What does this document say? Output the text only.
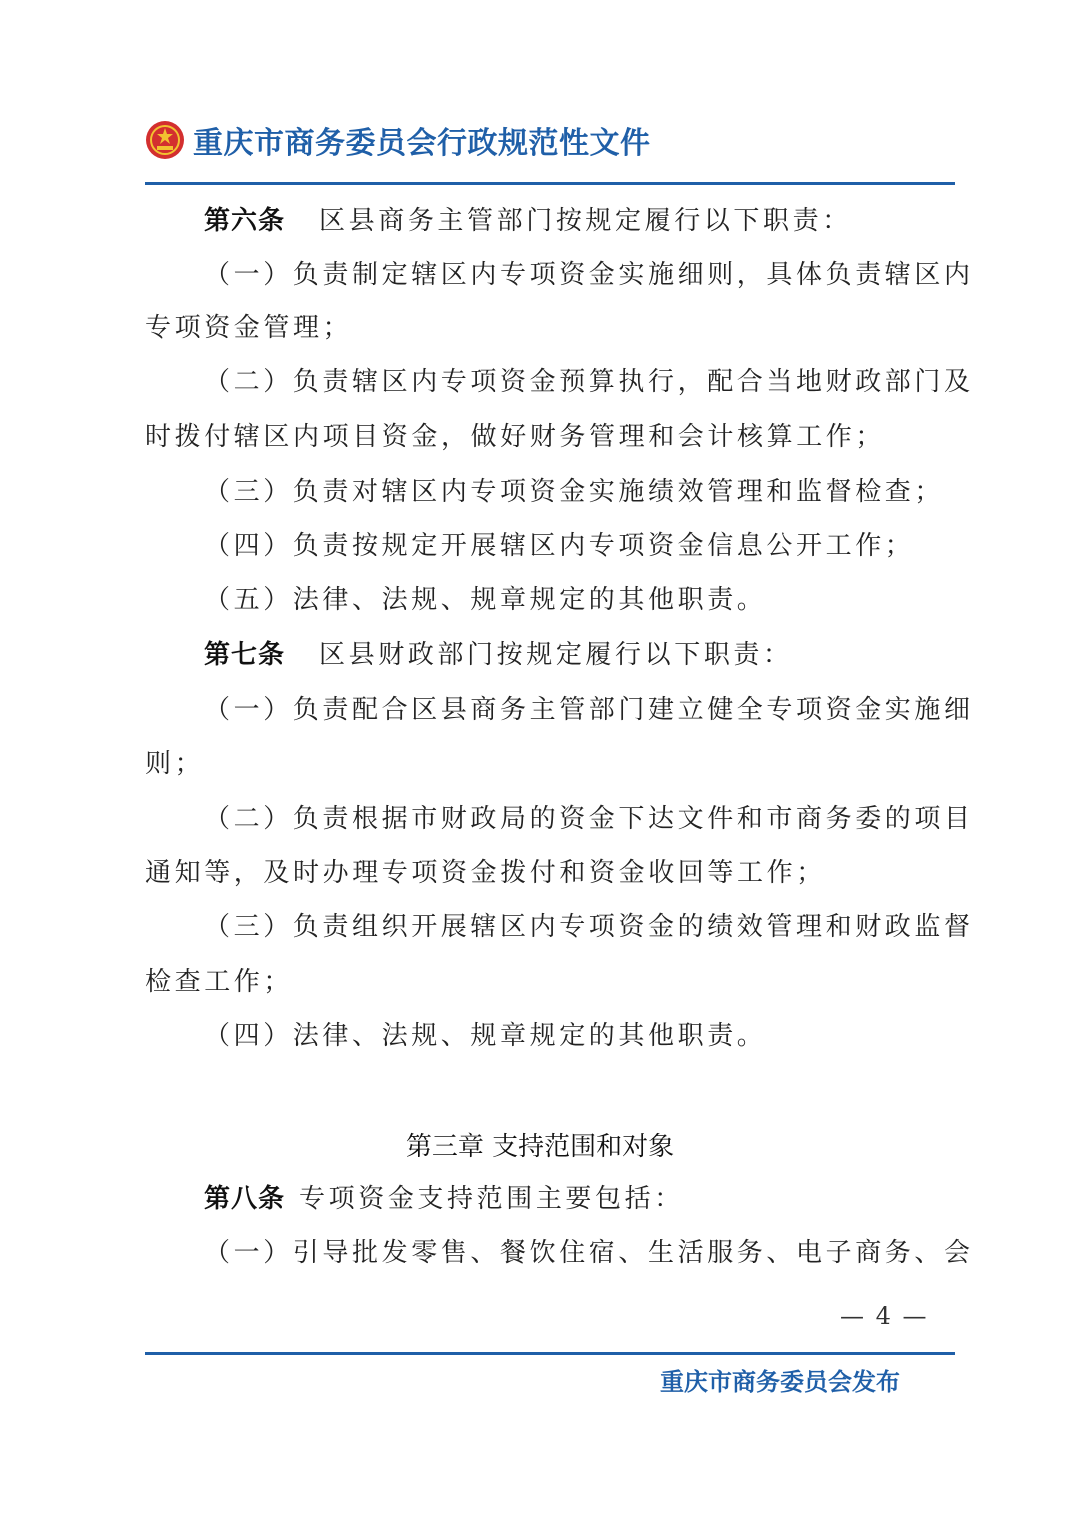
重庆市商务委员会行政规范性文件
第六条 区县商务主管部门按规定履行以下职责：
（一）负责制定辖区内专项资金实施细则，具体负责辖区内
专项资金管理；
（二）负责辖区内专项资金预算执行，配合当地财政部门及
时拨付辖区内项目资金，做好财务管理和会计核算工作；
（三）负责对辖区内专项资金实施绩效管理和监督检查；
（四）负责按规定开展辖区内专项资金信息公开工作；
（五）法律、法规、规章规定的其他职责。
第七条 区县财政部门按规定履行以下职责：
（一）负责配合区县商务主管部门建立健全专项资金实施细
则；
（二）负责根据市财政局的资金下达文件和市商务委的项目
通知等，及时办理专项资金拨付和资金收回等工作；
（三）负责组织开展辖区内专项资金的绩效管理和财政监督
检查工作；
（四）法律、法规、规章规定的其他职责。
第三章 支持范围和对象
第八条 专项资金支持范围主要包括：
（一）引导批发零售、餐饮住宿、生活服务、电子商务、会
— 4 —
重庆市商务委员会发布
